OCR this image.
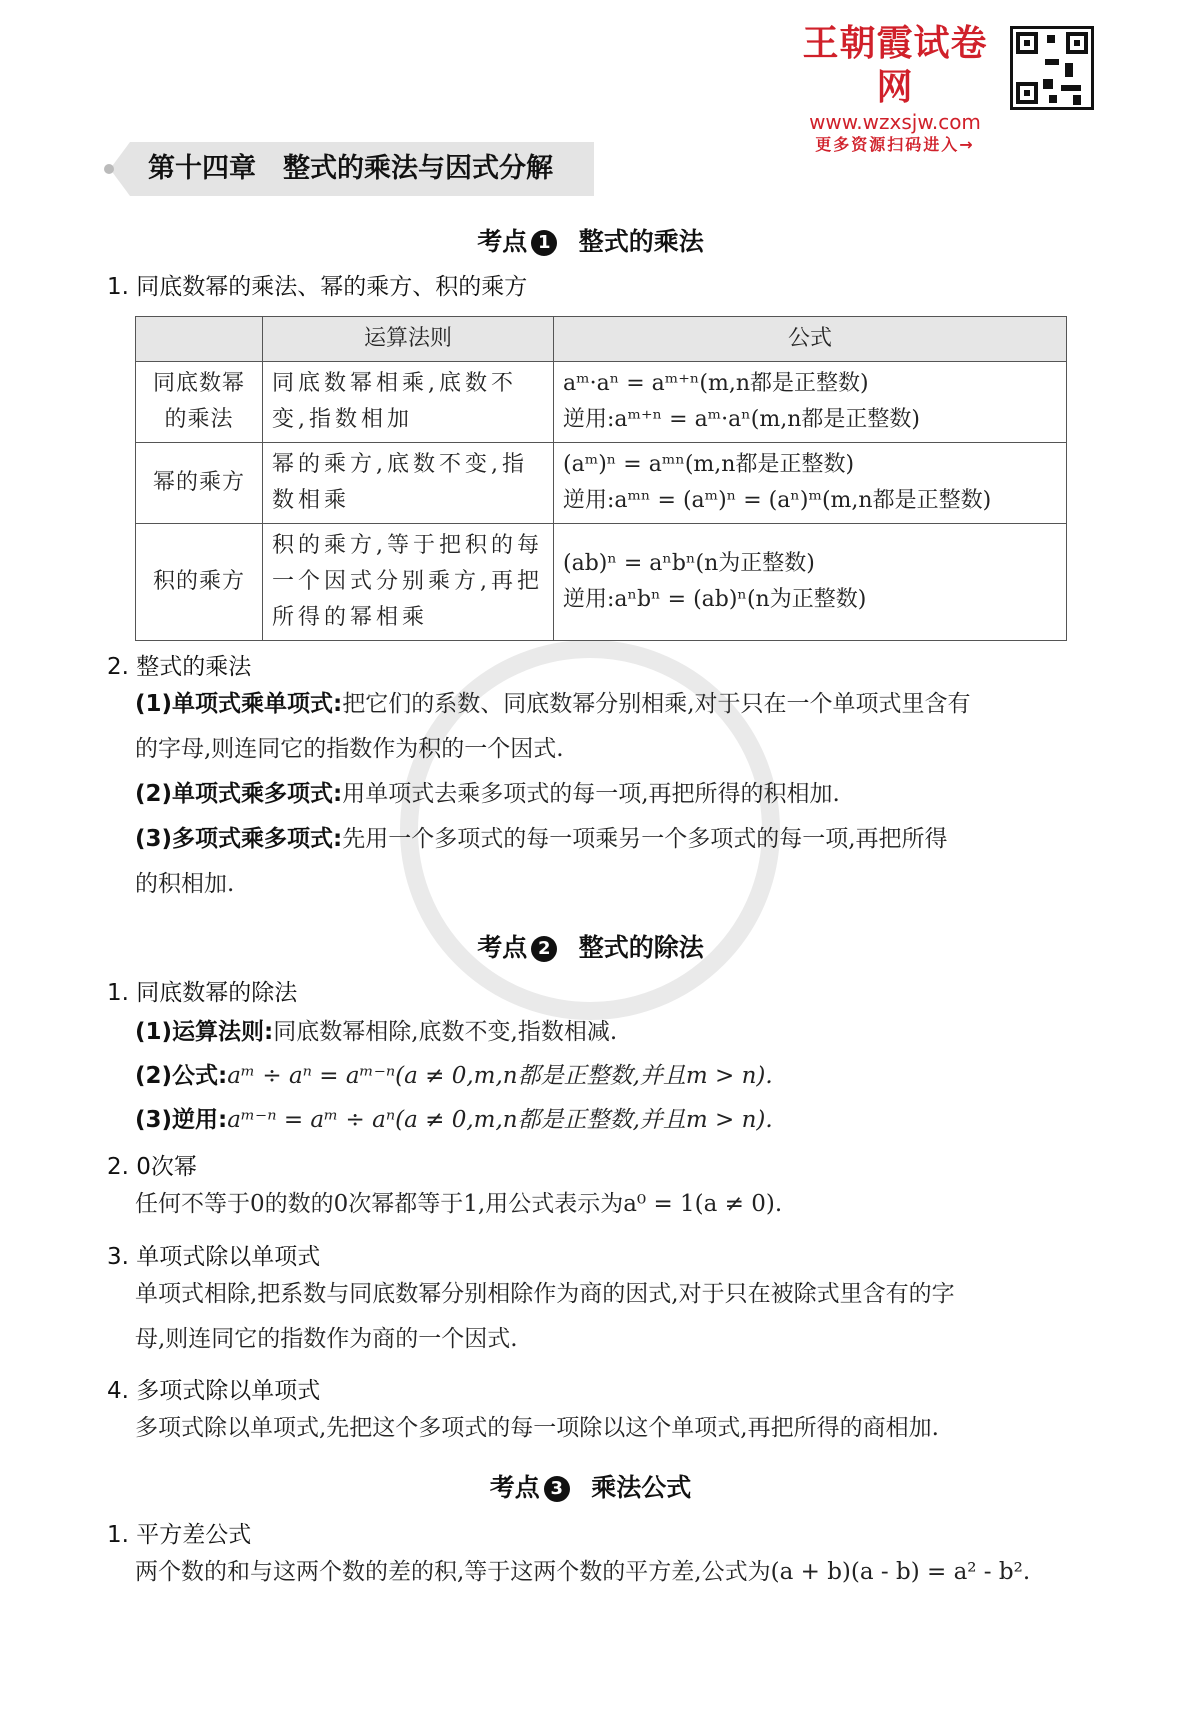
王朝霞试卷网
www.wzxsjw.com
更多资源扫码进入→
第十四章　整式的乘法与因式分解
考点 1 整式的乘法
1. 同底数幂的乘法、幂的乘方、积的乘方
	运算法则	公式
同底数幂的乘法	同底数幂相乘,底数不变,指数相加	aᵐ·aⁿ = aᵐ⁺ⁿ(m,n都是正整数)
逆用:aᵐ⁺ⁿ = aᵐ·aⁿ(m,n都是正整数)

幂的乘方	幂的乘方,底数不变,指数相乘	(aᵐ)ⁿ = aᵐⁿ(m,n都是正整数)
逆用:aᵐⁿ = (aᵐ)ⁿ = (aⁿ)ᵐ(m,n都是正整数)

积的乘方	积的乘方,等于把积的每一个因式分别乘方,再把所得的幂相乘	(ab)ⁿ = aⁿbⁿ(n为正整数)
逆用:aⁿbⁿ = (ab)ⁿ(n为正整数)
2. 整式的乘法
(1)单项式乘单项式:把它们的系数、同底数幂分别相乘,对于只在一个单项式里含有
的字母,则连同它的指数作为积的一个因式.
(2)单项式乘多项式:用单项式去乘多项式的每一项,再把所得的积相加.
(3)多项式乘多项式:先用一个多项式的每一项乘另一个多项式的每一项,再把所得
的积相加.
考点 2 整式的除法
1. 同底数幂的除法
(1)运算法则:同底数幂相除,底数不变,指数相减.
(2)公式:aᵐ ÷ aⁿ = aᵐ⁻ⁿ(a ≠ 0,m,n都是正整数,并且m > n).
(3)逆用:aᵐ⁻ⁿ = aᵐ ÷ aⁿ(a ≠ 0,m,n都是正整数,并且m > n).
2. 0次幂
任何不等于0的数的0次幂都等于1,用公式表示为a⁰ = 1(a ≠ 0).
3. 单项式除以单项式
单项式相除,把系数与同底数幂分别相除作为商的因式,对于只在被除式里含有的字
母,则连同它的指数作为商的一个因式.
4. 多项式除以单项式
多项式除以单项式,先把这个多项式的每一项除以这个单项式,再把所得的商相加.
考点 3 乘法公式
1. 平方差公式
两个数的和与这两个数的差的积,等于这两个数的平方差,公式为(a + b)(a - b) = a² - b².
